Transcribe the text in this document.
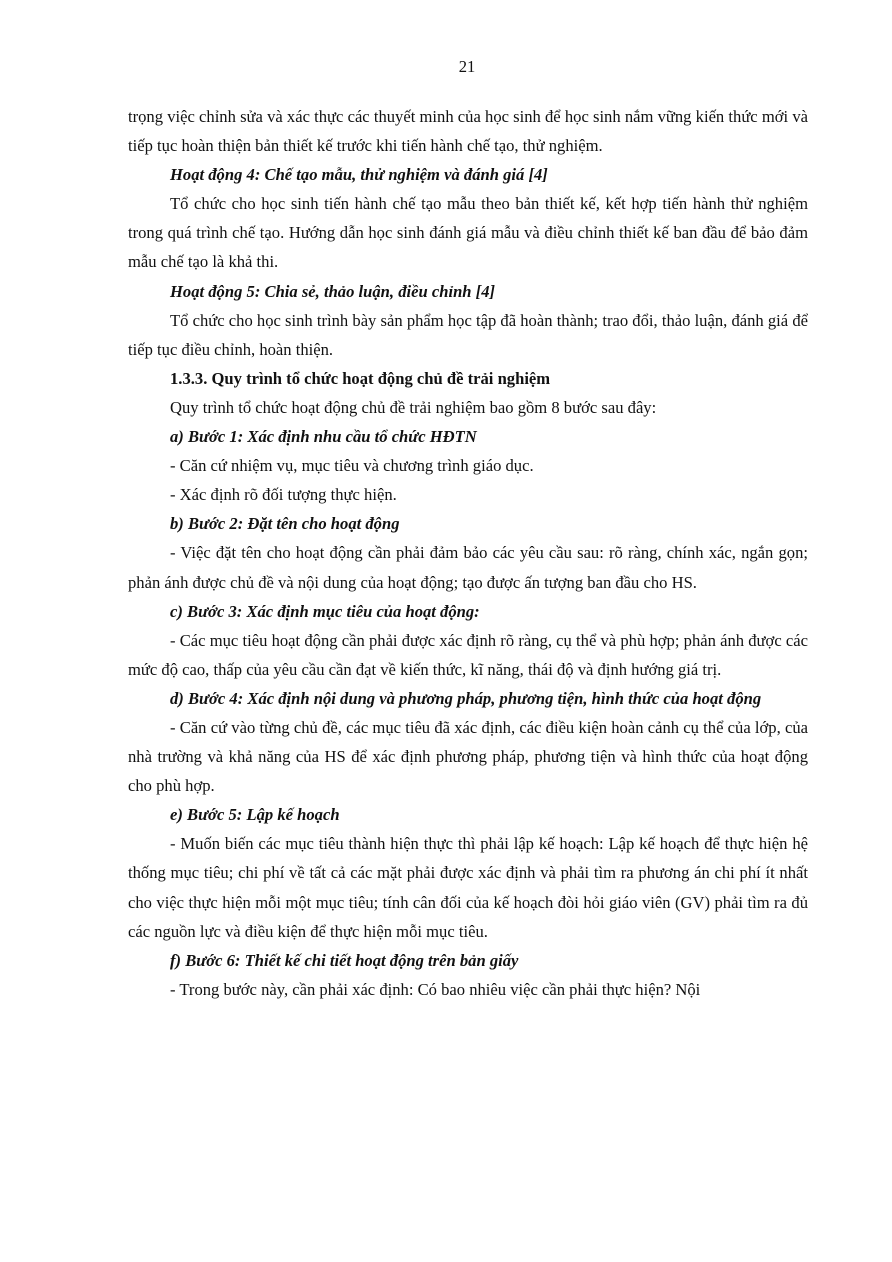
21

trọng việc chỉnh sửa và xác thực các thuyết minh của học sinh để học sinh nắm vững kiến thức mới và tiếp tục hoàn thiện bản thiết kế trước khi tiến hành chế tạo, thử nghiệm.

Hoạt động 4: Chế tạo mẫu, thử nghiệm và đánh giá [4]

Tổ chức cho học sinh tiến hành chế tạo mẫu theo bản thiết kế, kết hợp tiến hành thử nghiệm trong quá trình chế tạo. Hướng dẫn học sinh đánh giá mẫu và điều chỉnh thiết kế ban đầu để bảo đảm mẫu chế tạo là khả thi.

Hoạt động 5: Chia sẻ, thảo luận, điều chỉnh [4]

Tổ chức cho học sinh trình bày sản phẩm học tập đã hoàn thành; trao đổi, thảo luận, đánh giá để tiếp tục điều chỉnh, hoàn thiện.

1.3.3. Quy trình tổ chức hoạt động chủ đề trải nghiệm

Quy trình tổ chức hoạt động chủ đề trải nghiệm bao gồm 8 bước sau đây:

a) Bước 1: Xác định nhu cầu tổ chức HĐTN

- Căn cứ nhiệm vụ, mục tiêu và chương trình giáo dục.

- Xác định rõ đối tượng thực hiện.

b) Bước 2: Đặt tên cho hoạt động

- Việc đặt tên cho hoạt động cần phải đảm bảo các yêu cầu sau: rõ ràng, chính xác, ngắn gọn; phản ánh được chủ đề và nội dung của hoạt động; tạo được ấn tượng ban đầu cho HS.

c) Bước 3: Xác định mục tiêu của hoạt động:

- Các mục tiêu hoạt động cần phải được xác định rõ ràng, cụ thể và phù hợp; phản ánh được các mức độ cao, thấp của yêu cầu cần đạt về kiến thức, kĩ năng, thái độ và định hướng giá trị.

d) Bước 4: Xác định nội dung và phương pháp, phương tiện, hình thức của hoạt động

- Căn cứ vào từng chủ đề, các mục tiêu đã xác định, các điều kiện hoàn cảnh cụ thể của lớp, của nhà trường và khả năng của HS để xác định phương pháp, phương tiện và hình thức của hoạt động cho phù hợp.

e) Bước 5: Lập kế hoạch

- Muốn biến các mục tiêu thành hiện thực thì phải lập kế hoạch: Lập kế hoạch để thực hiện hệ thống mục tiêu; chi phí về tất cả các mặt phải được xác định và phải tìm ra phương án chi phí ít nhất cho việc thực hiện mỗi một mục tiêu; tính cân đối của kế hoạch đòi hỏi giáo viên (GV) phải tìm ra đủ các nguồn lực và điều kiện để thực hiện mỗi mục tiêu.

f) Bước 6: Thiết kế chi tiết hoạt động trên bản giấy

- Trong bước này, cần phải xác định: Có bao nhiêu việc cần phải thực hiện? Nội
